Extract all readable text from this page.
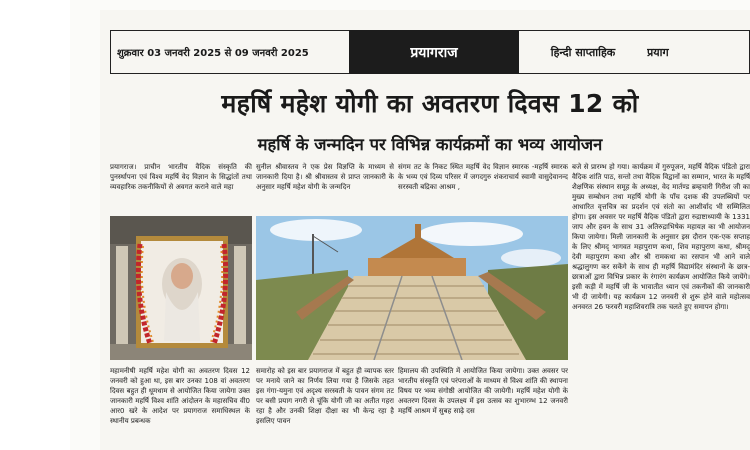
शुक्रवार 03 जनवरी 2025 से 09 जनवरी 2025	प्रयागराज	हिन्दी साप्ताहिक	प्रयाग
महर्षि महेश योगी का अवतरण दिवस 12 को
महर्षि के जन्मदिन पर विभिन्न कार्यक्रमों का भव्य आयोजन
प्रयागराज। प्राचीन भारतीय वैदिक संस्कृति की पुनर्स्थापना एवं विश्व महर्षि वेद विज्ञान के सिद्धांतों तथा व्यवहारिक तकनीकियों से अवगत कराने वाले महा
सुनील श्रीवास्तव ने एक प्रेस विज्ञप्ति के माध्यम से जानकारी दिया है। श्री श्रीवास्तव से प्राप्त जानकारी के अनुसार महर्षि महेश योगी के जन्मदिन
संगम तट के निकट स्थित महर्षि वेद विज्ञान स्मारक -महर्षि स्मारक के भव्य एवं दिव्य परिसर में जगदगुरु शंकराचार्य स्वामी वासुदेवानन्द सरस्वती बद्रिका आश्रम ,
बजे से प्रारम्भ हो गया। कार्यक्रम में गुरुपूजन, महर्षि वैदिक पंडितो द्वारा वैदिक शांति पाठ, सन्तो तथा वैदिक विद्वानों का सम्मान, भारत के महर्षि शैक्षणिक संस्थान समूह के अध्यक्ष, वेद मार्तण्ड ब्रम्हचारी गिरीश जी का मुख्य सम्बोधन तथा महर्षि योगी के पाँच दशक की उपलब्धियों पर आधारित वृत्तचित्र का प्रदर्शन एवं संतो का आशीर्वाद भी सम्मिलित होगा। इस अवसर पर महर्षि वैदिक पंडितो द्वारा रुद्राष्टाध्यायी के 1331 जाप और हवन के साथ 31 अतिरुद्राभिषेक महायज्ञ का भी आयोजन किया जायेगा। मिली जानकारी के अनुसार इस दौरान एक-एक सप्ताह के लिए श्रीमद् भागवत महापुराण कथा, शिव महापुराण कथा, श्रीमद् देवी महापुराण कथा और श्री रामकथा का रसपान भी आने वाले श्रद्धालुगण कर सकेंगे के साथ ही महर्षि विद्यामंदिर संस्थानों के छात्र-छात्राओं द्वारा विभिन्न प्रकार के रंगारंग कार्यक्रम आयोजित किये जायेंगे। इसी कड़ी में महर्षि जी के भावातीत ध्यान एवं तकनीकों की जानकारी भी दी जायेगी। यह कार्यक्रम 12 जनवरी से शुरू होने वाले महोत्सव अनवरत 26 फरवरी महाशिवरात्रि तक चलते हुए समापन होगा।
महामनीषी महर्षि महेश योगी का अवतरण दिवस 12 जनवरी को हुआ था, इस बार उनका 108 वां अवतरण दिवस बहुत ही धूमधाम से आयोजित किया जायेगा उक्त जानकारी महर्षि विश्व शांति आंदोलन के महासचिव वी0 आर0 खरे के आदेश पर प्रयागराज समाधिस्थल के स्थानीय प्रबन्धक
समारोह को इस बार प्रयागराज में बहुत ही व्यापक स्तर पर मनाये जाने का निर्णय लिया गया है जिसके तहत इस गंगा-यमुना एवं अदृश्य सरस्वती के पावन संगम तट पर बसी प्रयाग नगरी से चूंकि योगी जी का अतीत गहरा रहा है और उनकी शिक्षा दीक्षा का भी केन्द्र रहा है इसलिए पावन
हिमालय की उपस्थिति में आयोजित किया जायेगा। उक्त अवसर पर भारतीय संस्कृति एवं परंपराओं के माध्यम से विश्व शांति की स्थापना विषय पर भव्य संगोष्ठी आयोजित की जायेगी। महर्षि महेश योगी के अवतरण दिवस के उपलक्ष्य में इस उत्सव का शुभारम्भ 12 जनवरी महर्षि आश्रम में सुबह साढ़े दस
